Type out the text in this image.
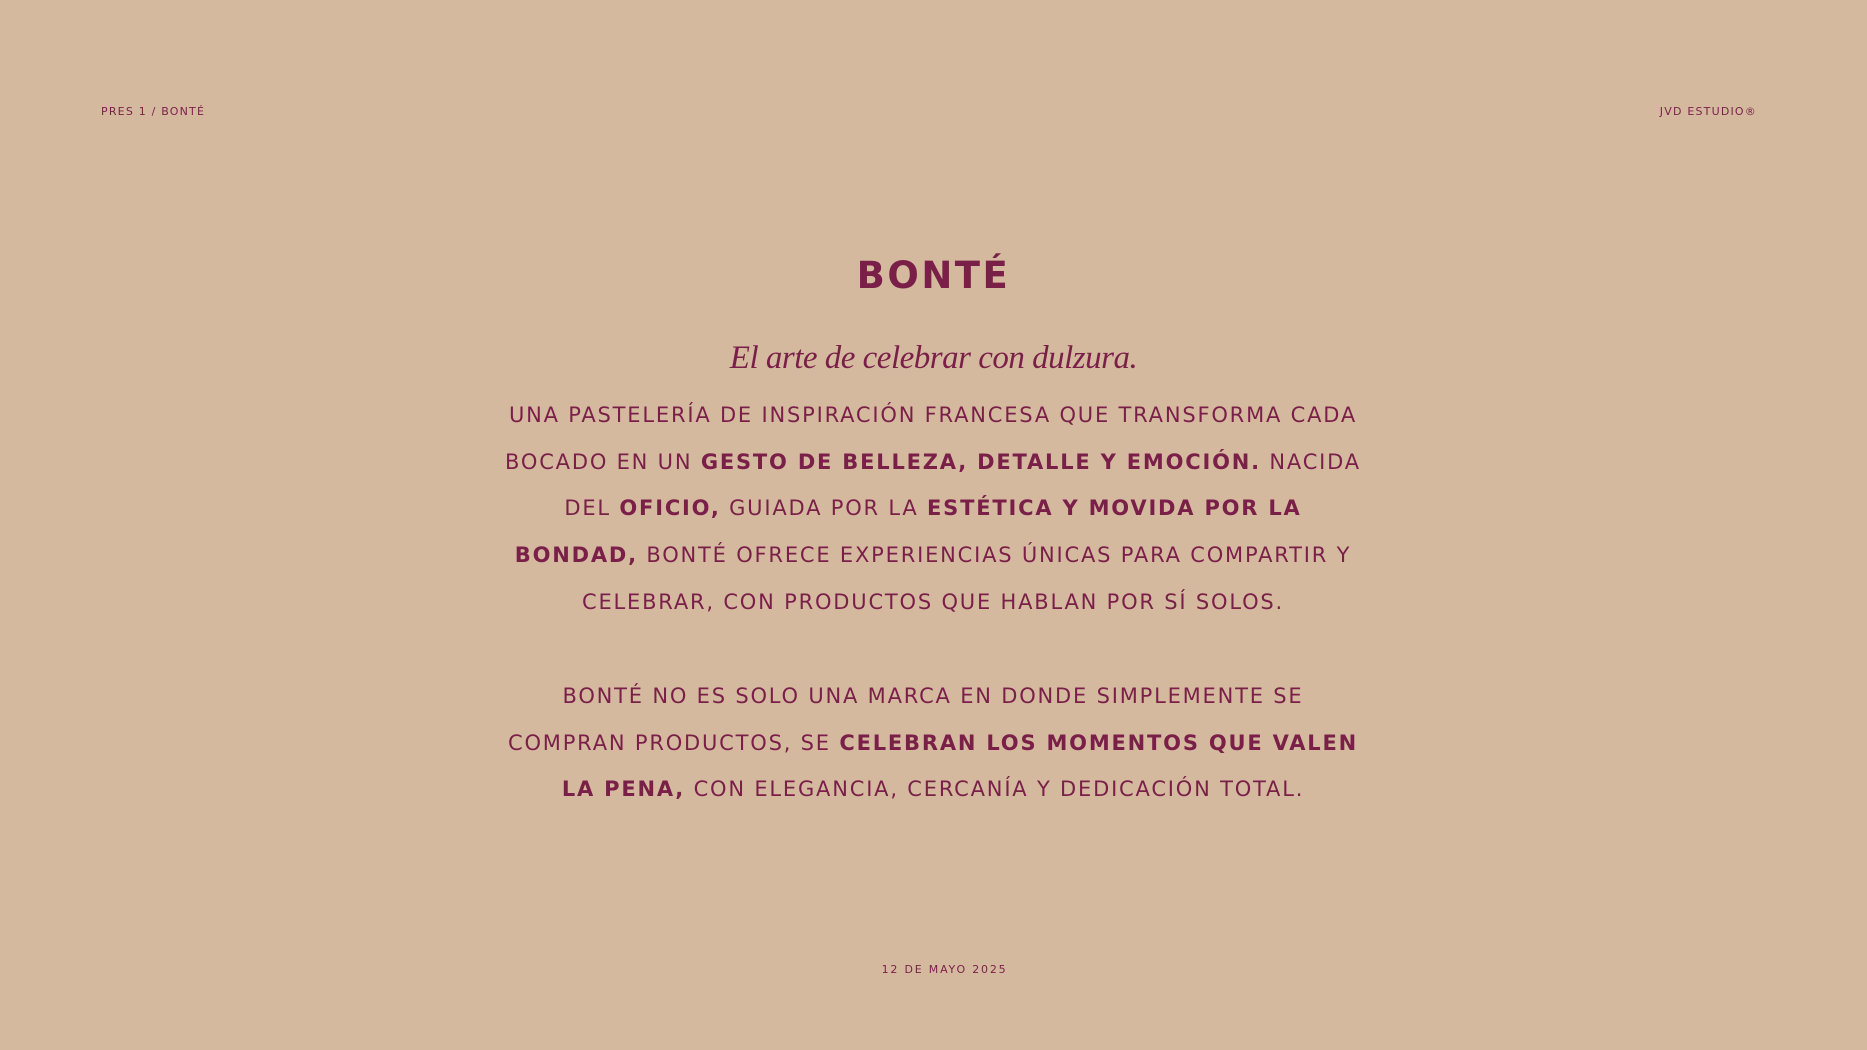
PRES 1 / BONTÉ	JVD ESTUDIO®
BONTÉ
El arte de celebrar con dulzura.
UNA PASTELERÍA DE INSPIRACIÓN FRANCESA QUE TRANSFORMA CADA BOCADO EN UN GESTO DE BELLEZA, DETALLE Y EMOCIÓN. NACIDA DEL OFICIO, GUIADA POR LA ESTÉTICA Y MOVIDA POR LA BONDAD, BONTÉ OFRECE EXPERIENCIAS ÚNICAS PARA COMPARTIR Y CELEBRAR, CON PRODUCTOS QUE HABLAN POR SÍ SOLOS.
BONTÉ NO ES SOLO UNA MARCA EN DONDE SIMPLEMENTE SE COMPRAN PRODUCTOS, SE CELEBRAN LOS MOMENTOS QUE VALEN LA PENA, CON ELEGANCIA, CERCANÍA Y DEDICACIÓN TOTAL.
12 DE MAYO 2025
